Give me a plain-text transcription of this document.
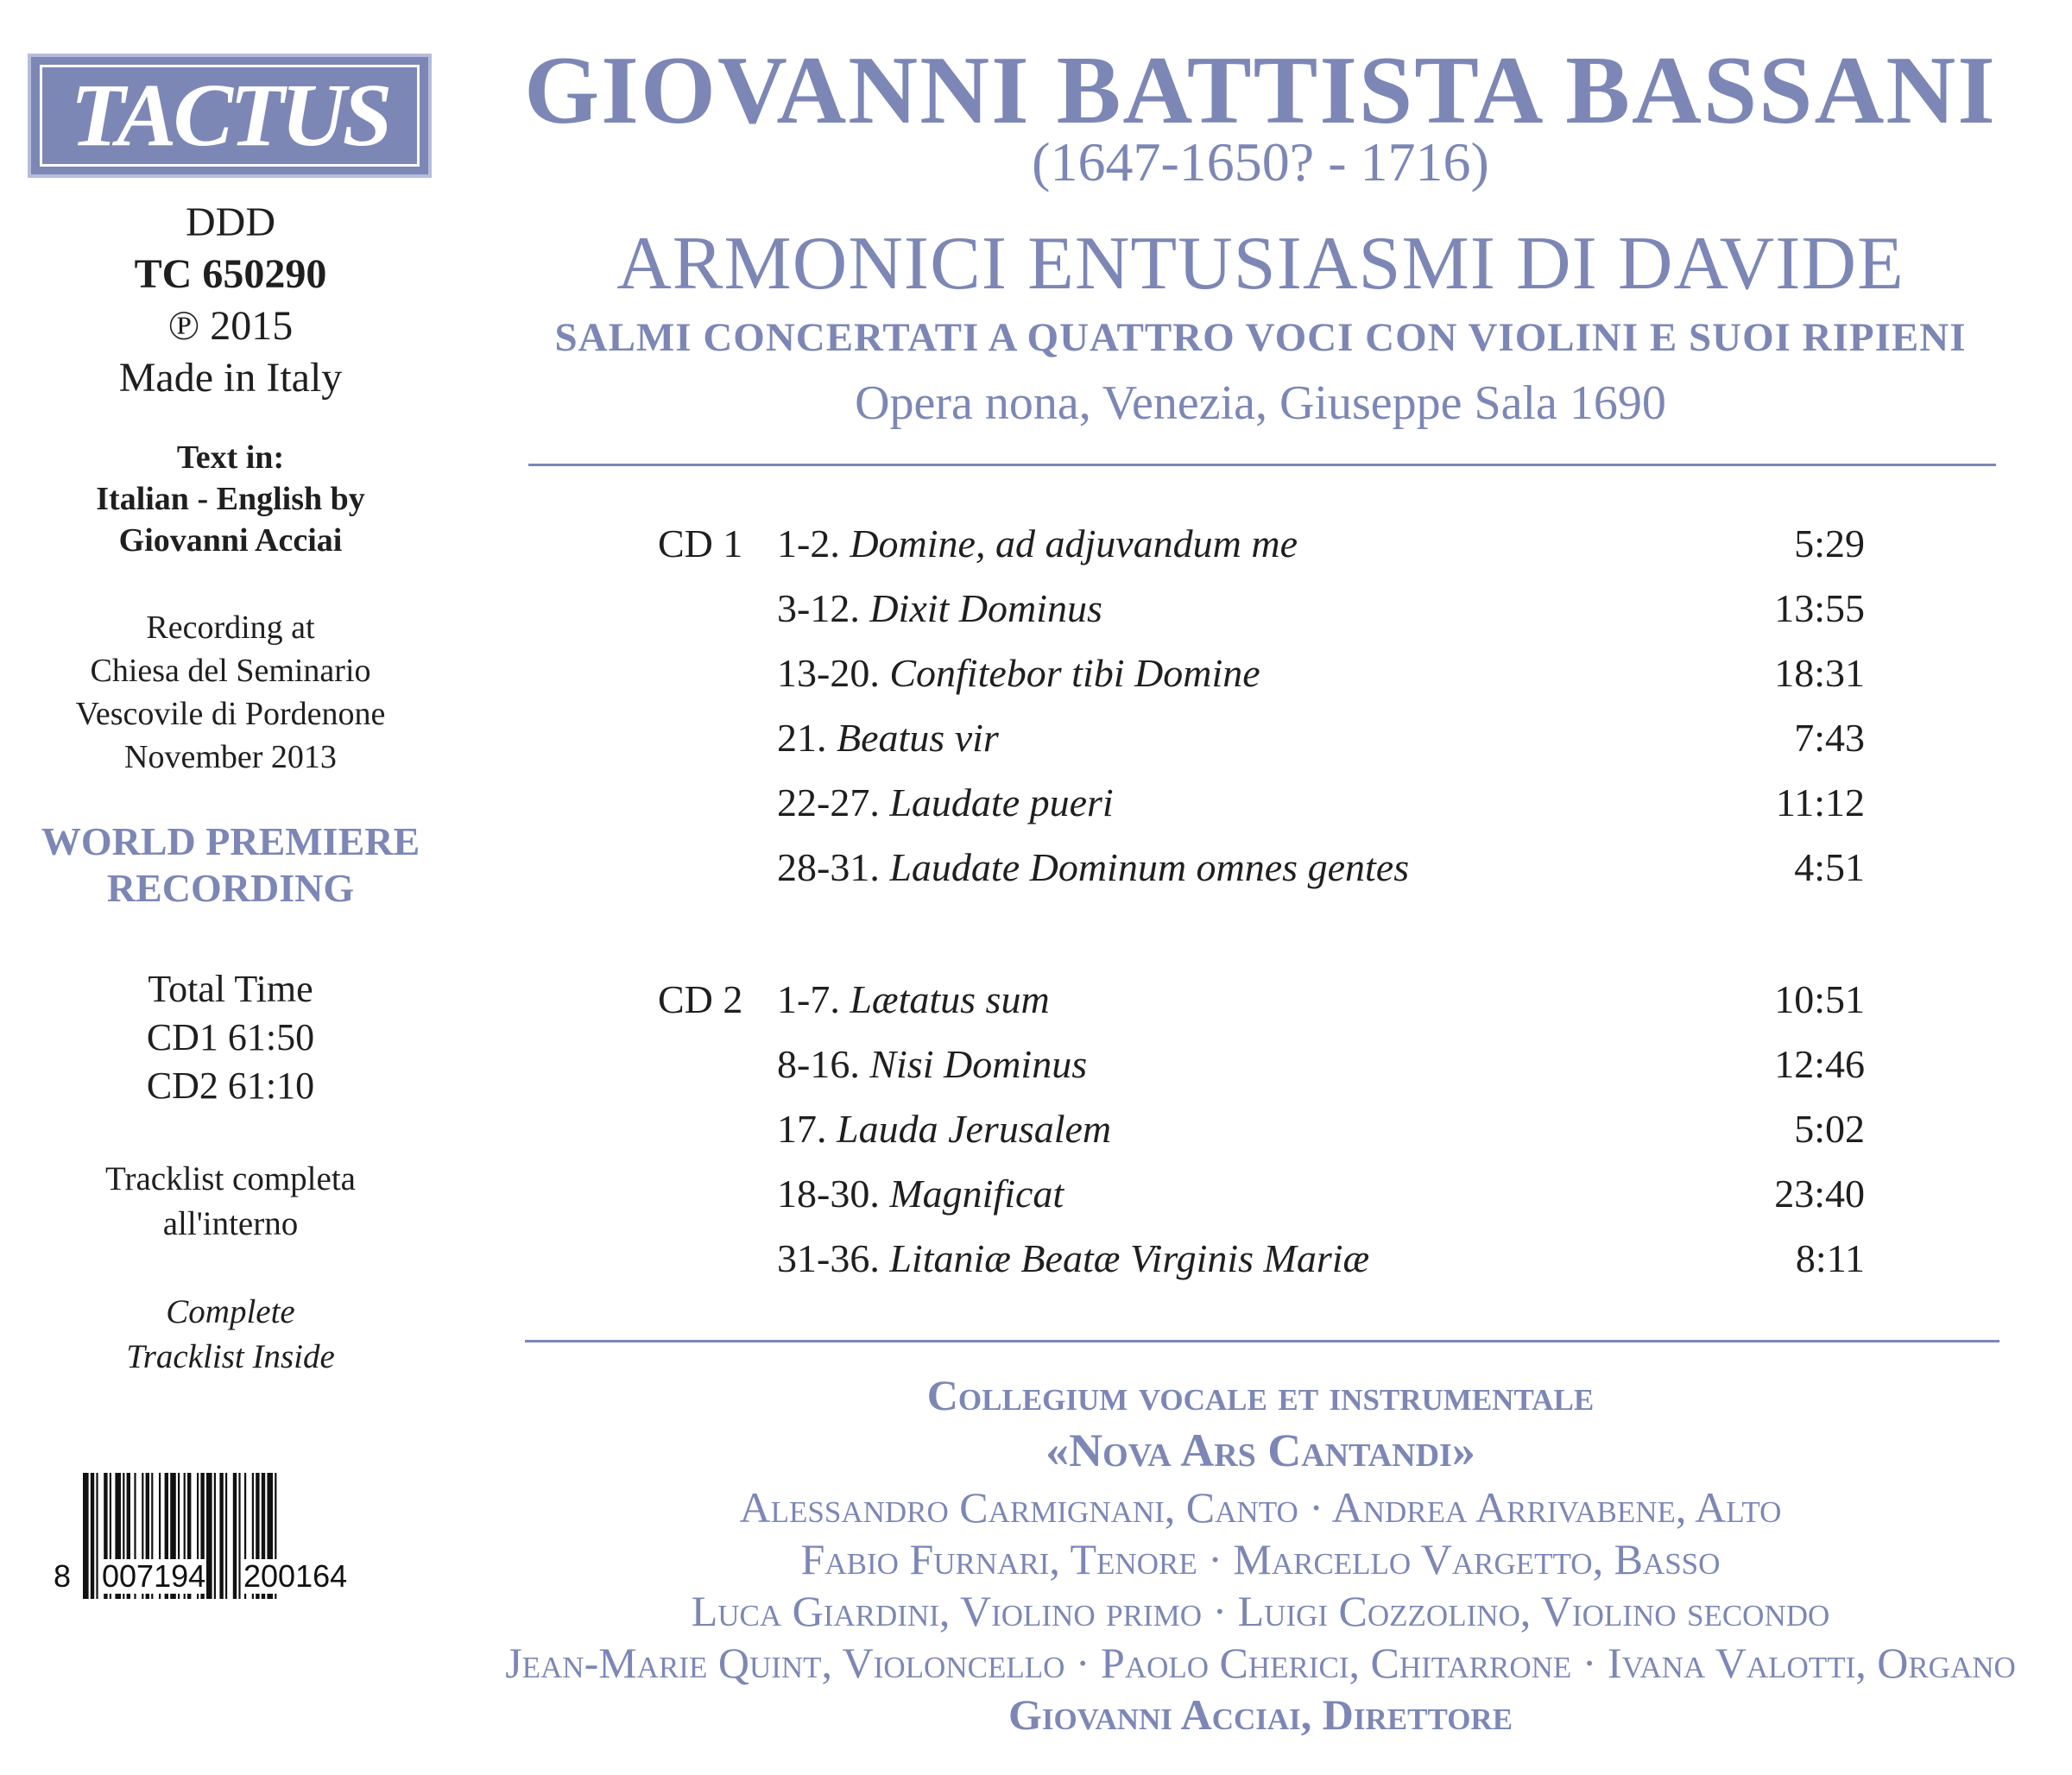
TACTUS
DDD
TC 650290
℗ 2015
Made in Italy
Text in:
Italian - English by
Giovanni Acciai
Recording at
Chiesa del Seminario
Vescovile di Pordenone
November 2013
WORLD PREMIERE
RECORDING
Total Time
CD1 61:50
CD2 61:10
Tracklist completa
all'interno
Complete
Tracklist Inside
8 007194 200164
GIOVANNI BATTISTA BASSANI
(1647-1650? - 1716)
ARMONICI ENTUSIASMI DI DAVIDE
SALMI CONCERTATI A QUATTRO VOCI CON VIOLINI E SUOI RIPIENI
Opera nona, Venezia, Giuseppe Sala 1690
CD 1 1-2. Domine, ad adjuvandum me	5:29
3-12. Dixit Dominus	13:55
13-20. Confitebor tibi Domine	18:31
21. Beatus vir	7:43
22-27. Laudate pueri	11:12
28-31. Laudate Dominum omnes gentes	4:51
CD 2 1-7. Lætatus sum	10:51
8-16. Nisi Dominus	12:46
17. Lauda Jerusalem	5:02
18-30. Magnificat	23:40
31-36. Litaniæ Beatæ Virginis Mariæ	8:11
Collegium vocale et instrumentale
«Nova Ars Cantandi»
Alessandro Carmignani, Canto · Andrea Arrivabene, Alto
Fabio Furnari, Tenore · Marcello Vargetto, Basso
Luca Giardini, Violino primo · Luigi Cozzolino, Violino secondo
Jean-Marie Quint, Violoncello · Paolo Cherici, Chitarrone · Ivana Valotti, Organo
Giovanni Acciai, Direttore
